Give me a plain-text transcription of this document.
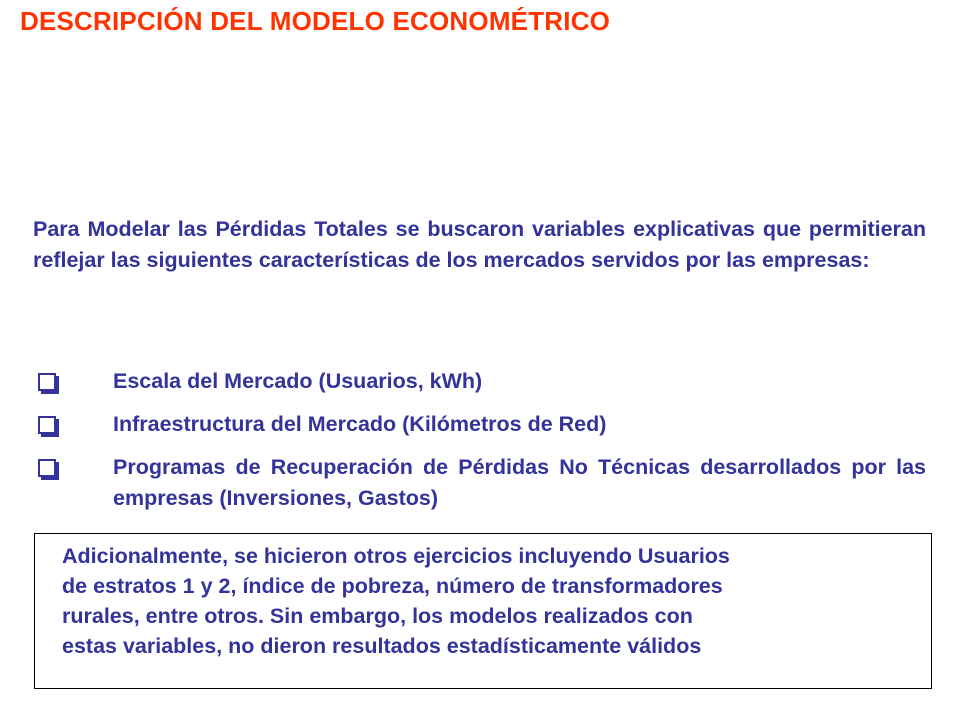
DESCRIPCIÓN DEL MODELO ECONOMÉTRICO
Para Modelar las Pérdidas Totales se buscaron variables explicativas que permitieran reflejar las siguientes características de los mercados servidos por las empresas:
Escala del Mercado (Usuarios, kWh)
Infraestructura del Mercado (Kilómetros de Red)
Programas de Recuperación de Pérdidas No Técnicas desarrollados por las empresas (Inversiones, Gastos)
Adicionalmente, se hicieron otros ejercicios incluyendo Usuarios
de estratos 1 y 2, índice de pobreza, número de transformadores
rurales, entre otros. Sin embargo, los modelos realizados con
estas variables, no dieron resultados estadísticamente válidos
